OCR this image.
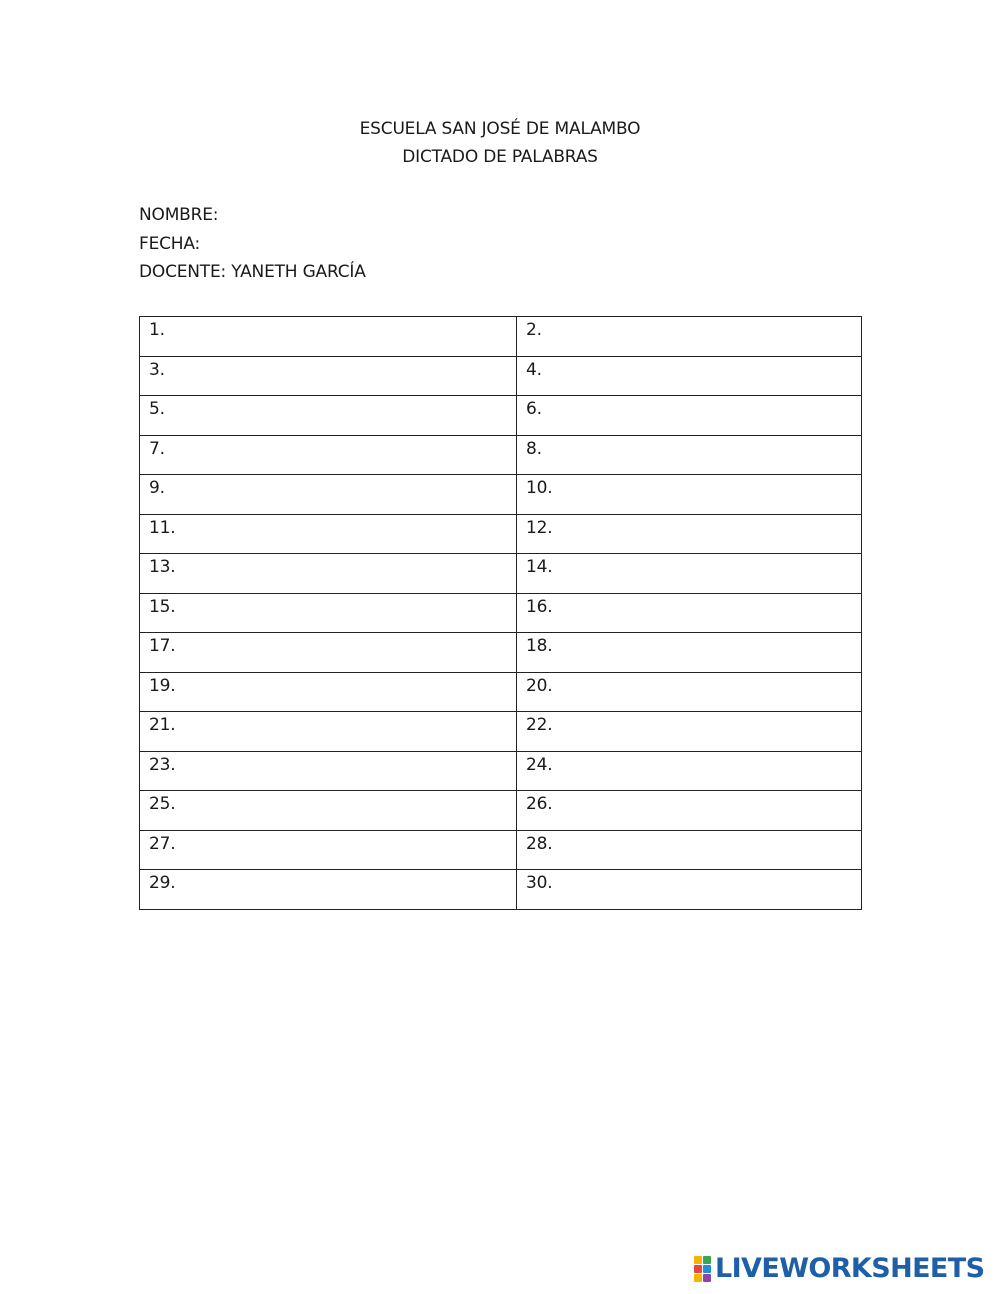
ESCUELA SAN JOSÉ DE MALAMBO
DICTADO DE PALABRAS
NOMBRE:
FECHA:
DOCENTE: YANETH GARCÍA
1.	2.
3.	4.
5.	6.
7.	8.
9.	10.
11.	12.
13.	14.
15.	16.
17.	18.
19.	20.
21.	22.
23.	24.
25.	26.
27.	28.
29.	30.
LIVEWORKSHEETS
